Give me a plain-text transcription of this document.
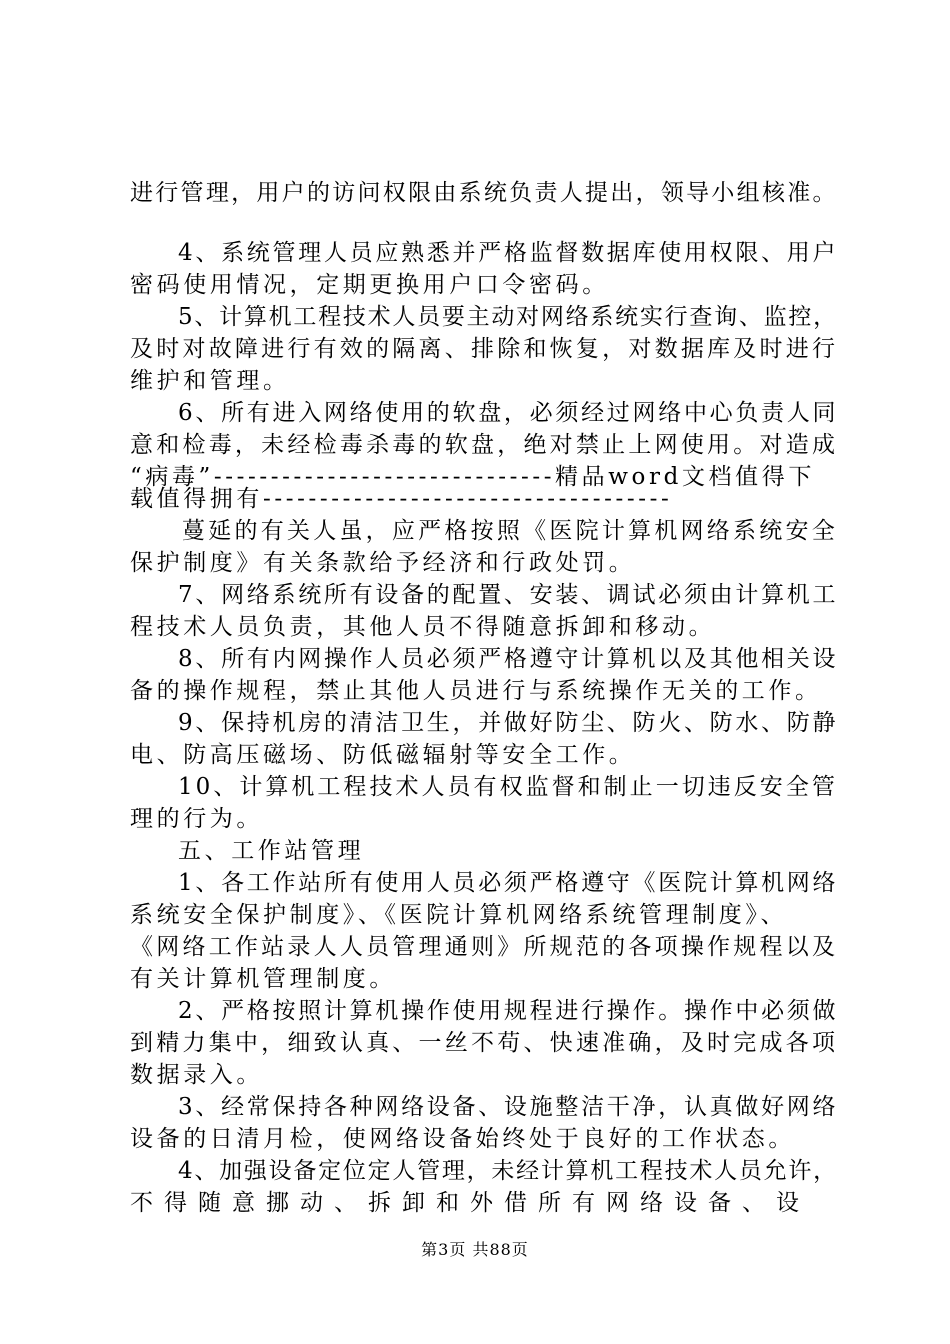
进行管理，用户的访问权限由系统负责人提出，领导小组核准。
4、系统管理人员应熟悉并严格监督数据库使用权限、用户
密码使用情况，定期更换用户口令密码。
5、计算机工程技术人员要主动对网络系统实行查询、监控，
及时对故障进行有效的隔离、排除和恢复，对数据库及时进行
维护和管理。
6、所有进入网络使用的软盘，必须经过网络中心负责人同
意和检毒，未经检毒杀毒的软盘，绝对禁止上网使用。对造成
“病毒”------------------------------精品word文档值得下
载值得拥有------------------------------------
蔓延的有关人虽，应严格按照《医院计算机网络系统安全
保护制度》有关条款给予经济和行政处罚。
7、网络系统所有设备的配置、安装、调试必须由计算机工
程技术人员负责，其他人员不得随意拆卸和移动。
8、所有内网操作人员必须严格遵守计算机以及其他相关设
备的操作规程，禁止其他人员进行与系统操作无关的工作。
9、保持机房的清洁卫生，并做好防尘、防火、防水、防静
电、防高压磁场、防低磁辐射等安全工作。
10、计算机工程技术人员有权监督和制止一切违反安全管
理的行为。
五、工作站管理
1、各工作站所有使用人员必须严格遵守《医院计算机网络
系统安全保护制度》、《医院计算机网络系统管理制度》、
《网络工作站录人人员管理通则》所规范的各项操作规程以及
有关计算机管理制度。
2、严格按照计算机操作使用规程进行操作。操作中必须做
到精力集中，细致认真、一丝不苟、快速准确，及时完成各项
数据录入。
3、经常保持各种网络设备、设施整洁干净，认真做好网络
设备的日清月检，使网络设备始终处于良好的工作状态。
4、加强设备定位定人管理，未经计算机工程技术人员允许，
不得随意挪动、拆卸和外借所有网络设备、设
第3页 共88页
